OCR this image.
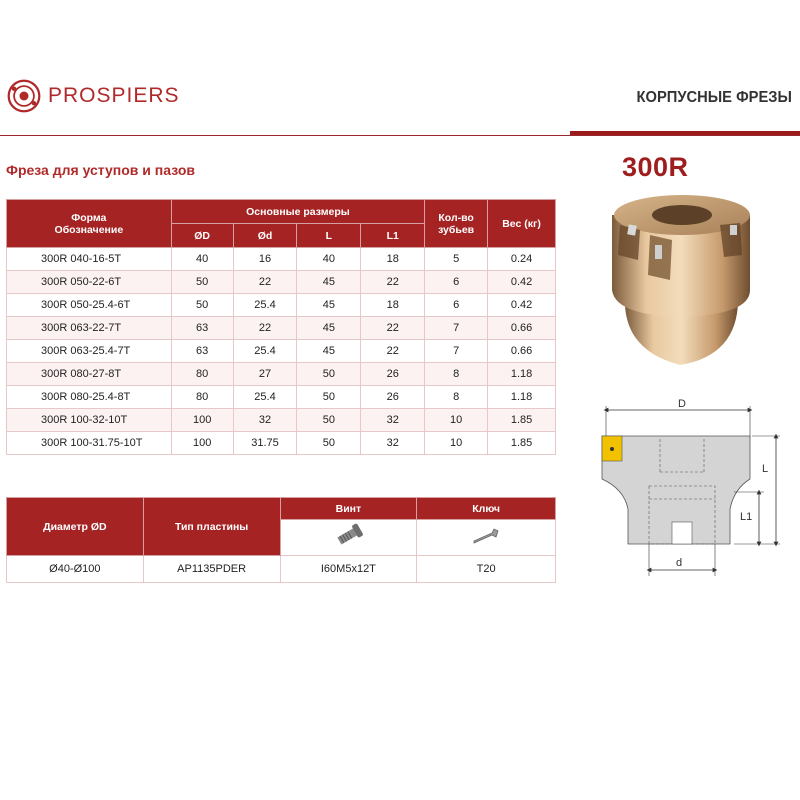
PROSPIERS	КОРПУСНЫЕ ФРЕЗЫ
Фреза для уступов и пазов	300R
Форма
Обозначение	Основные размеры				Кол-во зубьев	Вес (кг)
	ØD	Ød	L	L1		
300R 040-16-5T	40	16	40	18	5	0.24
300R 050-22-6T	50	22	45	22	6	0.42
300R 050-25.4-6T	50	25.4	45	18	6	0.42
300R 063-22-7T	63	22	45	22	7	0.66
300R 063-25.4-7T	63	25.4	45	22	7	0.66
300R 080-27-8T	80	27	50	26	8	1.18
300R 080-25.4-8T	80	25.4	50	26	8	1.18
300R 100-32-10T	100	32	50	32	10	1.85
300R 100-31.75-10T	100	31.75	50	32	10	1.85
Диаметр ØD	Тип пластины	Винт	Ключ

Ø40-Ø100	AP1135PDER	I60M5x12T	T20
D
L
L1
d
